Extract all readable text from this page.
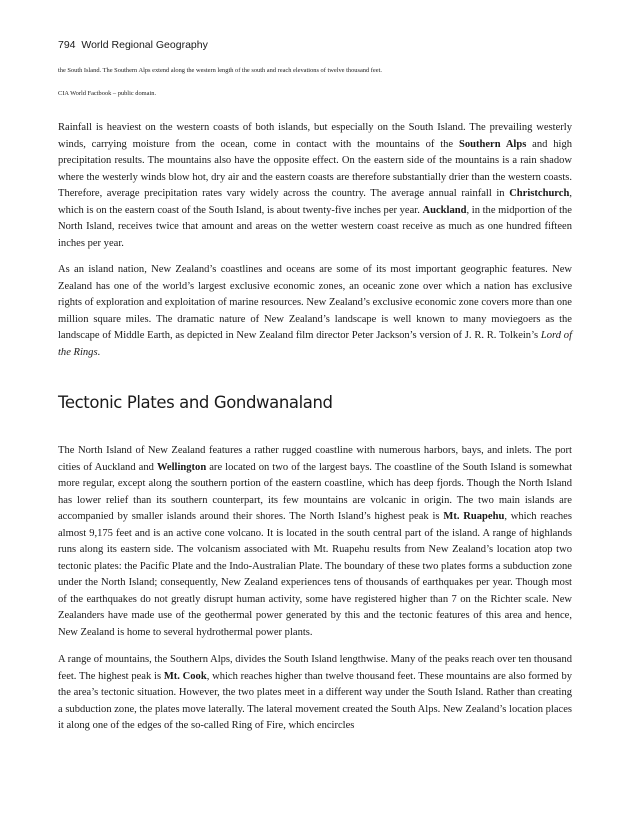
794 World Regional Geography

the South Island. The Southern Alps extend along the western length of the south and reach elevations of twelve thousand feet.

CIA World Factbook – public domain.

Rainfall is heaviest on the western coasts of both islands, but especially on the South Island. The prevailing westerly winds, carrying moisture from the ocean, come in contact with the mountains of the Southern Alps and high precipitation results. The mountains also have the opposite effect. On the eastern side of the mountains is a rain shadow where the westerly winds blow hot, dry air and the eastern coasts are therefore substantially drier than the western coasts. Therefore, average precipitation rates vary widely across the country. The average annual rainfall in Christchurch, which is on the eastern coast of the South Island, is about twenty-five inches per year. Auckland, in the midportion of the North Island, receives twice that amount and areas on the wetter western coast receive as much as one hundred fifteen inches per year.

As an island nation, New Zealand’s coastlines and oceans are some of its most important geographic features. New Zealand has one of the world’s largest exclusive economic zones, an oceanic zone over which a nation has exclusive rights of exploration and exploitation of marine resources. New Zealand’s exclusive economic zone covers more than one million square miles. The dramatic nature of New Zealand’s landscape is well known to many moviegoers as the landscape of Middle Earth, as depicted in New Zealand film director Peter Jackson’s version of J. R. R. Tolkein’s Lord of the Rings.

Tectonic Plates and Gondwanaland

The North Island of New Zealand features a rather rugged coastline with numerous harbors, bays, and inlets. The port cities of Auckland and Wellington are located on two of the largest bays. The coastline of the South Island is somewhat more regular, except along the southern portion of the eastern coastline, which has deep fjords. Though the North Island has lower relief than its southern counterpart, its few mountains are volcanic in origin. The two main islands are accompanied by smaller islands around their shores. The North Island’s highest peak is Mt. Ruapehu, which reaches almost 9,175 feet and is an active cone volcano. It is located in the south central part of the island. A range of highlands runs along its eastern side. The volcanism associated with Mt. Ruapehu results from New Zealand’s location atop two tectonic plates: the Pacific Plate and the Indo-Australian Plate. The boundary of these two plates forms a subduction zone under the North Island; consequently, New Zealand experiences tens of thousands of earthquakes per year. Though most of the earthquakes do not greatly disrupt human activity, some have registered higher than 7 on the Richter scale. New Zealanders have made use of the geothermal power generated by this and the tectonic features of this area and hence, New Zealand is home to several hydrothermal power plants.

A range of mountains, the Southern Alps, divides the South Island lengthwise. Many of the peaks reach over ten thousand feet. The highest peak is Mt. Cook, which reaches higher than twelve thousand feet. These mountains are also formed by the area’s tectonic situation. However, the two plates meet in a different way under the South Island. Rather than creating a subduction zone, the plates move laterally. The lateral movement created the South Alps. New Zealand’s location places it along one of the edges of the so-called Ring of Fire, which encircles
